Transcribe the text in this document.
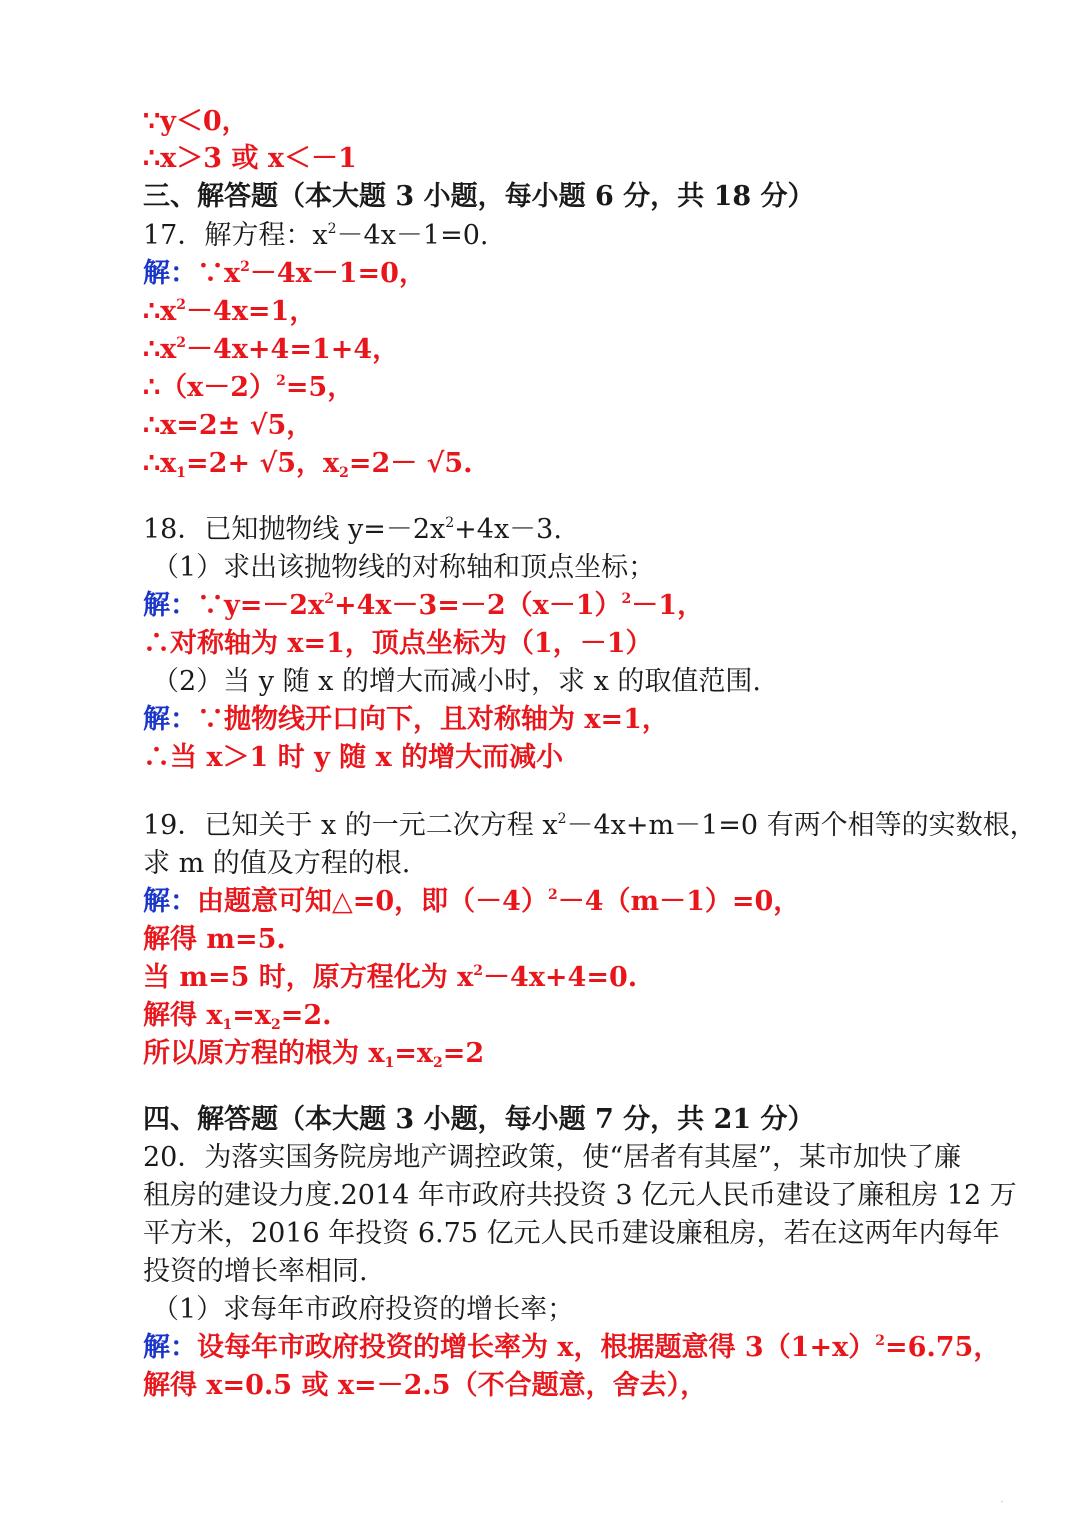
∵y＜0，
∴x＞3 或 x＜－1
三、解答题（本大题 3 小题，每小题 6 分，共 18 分）
17．解方程：$x^2-4x-1=0$.
解：$\because x^2-4x-1=0$，
$\therefore x^2-4x=1$，
$\therefore x^2-4x+4=1+4$，
$\therefore(x-2)^2=5$，
∴x=2± √5，
$\therefore x_1=2+ √5$，$x_2=2- √5$.
18．已知抛物线 $y=-2x^2+4x-3$.
（1）求出该抛物线的对称轴和顶点坐标；
解：$\because y=-2x^2+4x-3=-2(x-1)^2-1$，
∴对称轴为 x=1，顶点坐标为（1，－1）
（2）当 y 随 x 的增大而减小时，求 x 的取值范围.
解：∵抛物线开口向下，且对称轴为 x=1，
∴当 x＞1 时 y 随 x 的增大而减小
19．已知关于 x 的一元二次方程 $x^2-4x+m-1=0$ 有两个相等的实数根，
求 m 的值及方程的根.
解：由题意可知△=0，即$(-4)^2-4(m-1)=0$，
解得 m=5.
当 m=5 时，原方程化为 $x^2-4x+4=0$.
解得 $x_1=x_2=2$.
所以原方程的根为 $x_1=x_2=2$
四、解答题（本大题 3 小题，每小题 7 分，共 21 分）
20．为落实国务院房地产调控政策，使“居者有其屋”，某市加快了廉
租房的建设力度.2014 年市政府共投资 3 亿元人民币建设了廉租房 12 万
平方米，2016 年投资 6.75 亿元人民币建设廉租房，若在这两年内每年
投资的增长率相同.
（1）求每年市政府投资的增长率；
解：设每年市政府投资的增长率为 x，根据题意得 $3(1+x)^2=6.75$，
解得 x=0.5 或 x=－2.5（不合题意，舍去），
·
